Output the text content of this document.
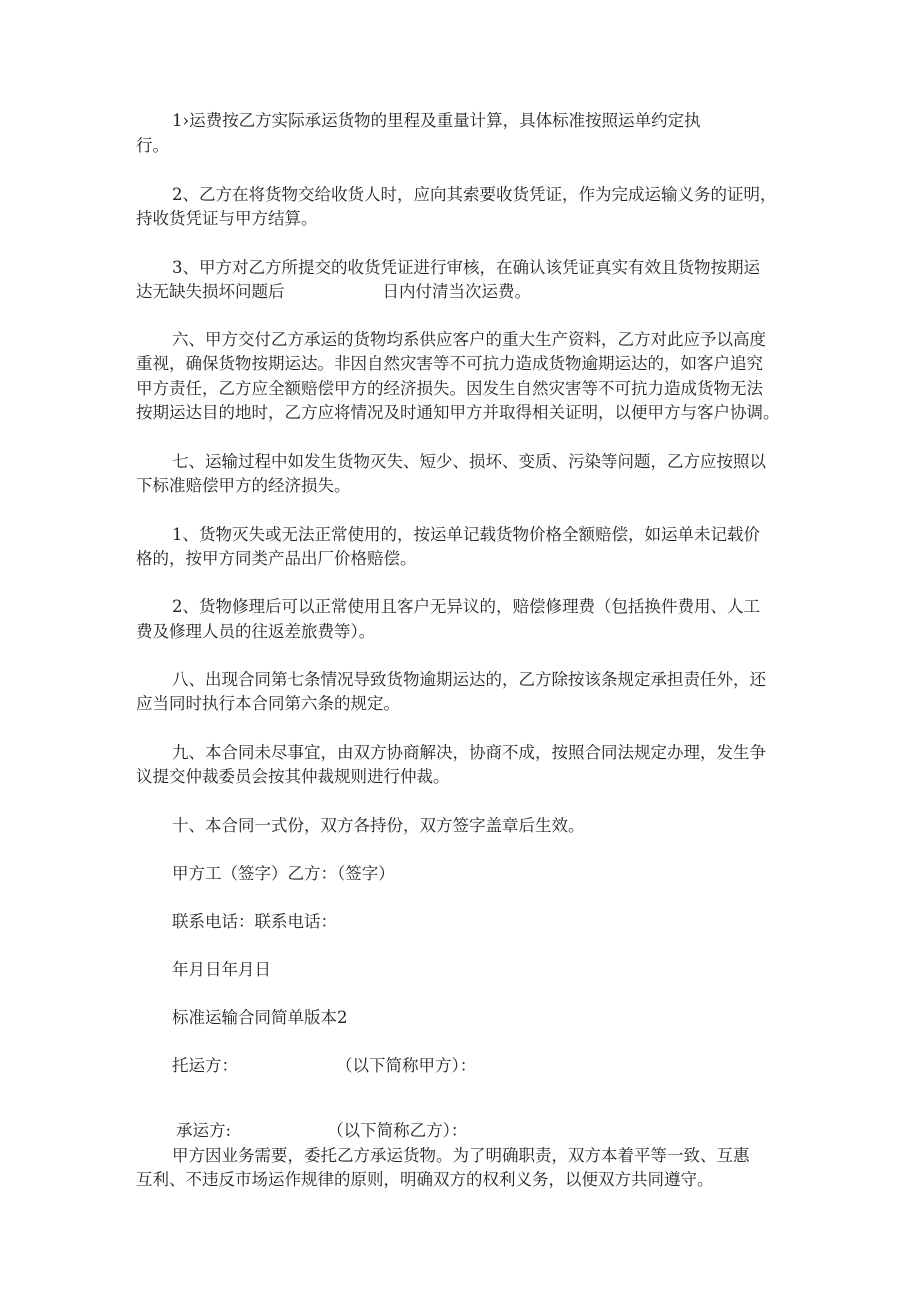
1›运费按乙方实际承运货物的里程及重量计算，具体标准按照运单约定执

行。

2、乙方在将货物交给收货人时，应向其索要收货凭证，作为完成运输义务的证明，

持收货凭证与甲方结算。

3、甲方对乙方所提交的收货凭证进行审核，在确认该凭证真实有效且货物按期运

达无缺失损坏问题后	日内付清当次运费。

六、甲方交付乙方承运的货物均系供应客户的重大生产资料，乙方对此应予以高度

重视，确保货物按期运达。非因自然灾害等不可抗力造成货物逾期运达的，如客户追究

甲方责任，乙方应全额赔偿甲方的经济损失。因发生自然灾害等不可抗力造成货物无法

按期运达目的地时，乙方应将情况及时通知甲方并取得相关证明，以便甲方与客户协调。

七、运输过程中如发生货物灭失、短少、损坏、变质、污染等问题，乙方应按照以

下标准赔偿甲方的经济损失。

1、货物灭失或无法正常使用的，按运单记载货物价格全额赔偿，如运单未记载价

格的，按甲方同类产品出厂价格赔偿。

2、货物修理后可以正常使用且客户无异议的，赔偿修理费（包括换件费用、人工

费及修理人员的往返差旅费等）。

八、出现合同第七条情况导致货物逾期运达的，乙方除按该条规定承担责任外，还

应当同时执行本合同第六条的规定。

九、本合同未尽事宜，由双方协商解决，协商不成，按照合同法规定办理，发生争

议提交仲裁委员会按其仲裁规则进行仲裁。

十、本合同一式份，双方各持份，双方签字盖章后生效。

甲方工（签字）乙方：（签字）

联系电话：联系电话：

年月日年月日

标准运输合同简单版本2

托运方：	（以下简称甲方）：

承运方:	（以下简称乙方）：

甲方因业务需要，委托乙方承运货物。为了明确职责，双方本着平等一致、互惠

互利、不违反市场运作规律的原则，明确双方的权利义务，以便双方共同遵守。
